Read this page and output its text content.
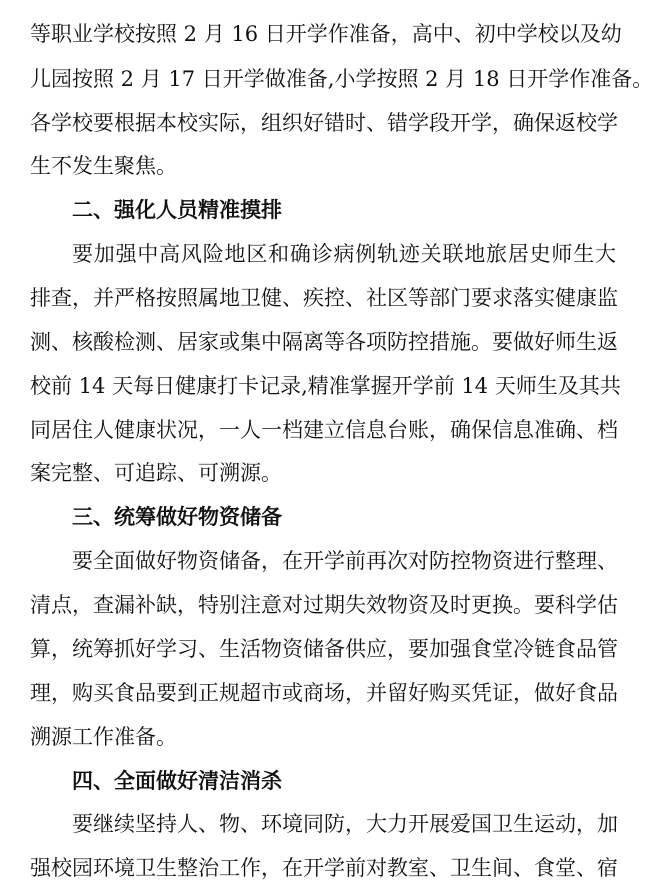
等职业学校按照 2 月 16 日开学作准备，高中、初中学校以及幼
儿园按照 2 月 17 日开学做准备,小学按照 2 月 18 日开学作准备。
各学校要根据本校实际，组织好错时、错学段开学，确保返校学
生不发生聚焦。
二、强化人员精准摸排
要加强中高风险地区和确诊病例轨迹关联地旅居史师生大
排查，并严格按照属地卫健、疾控、社区等部门要求落实健康监
测、核酸检测、居家或集中隔离等各项防控措施。要做好师生返
校前 14 天每日健康打卡记录,精准掌握开学前 14 天师生及其共
同居住人健康状况，一人一档建立信息台账，确保信息准确、档
案完整、可追踪、可溯源。
三、统筹做好物资储备
要全面做好物资储备，在开学前再次对防控物资进行整理、
清点，查漏补缺，特别注意对过期失效物资及时更换。要科学估
算，统筹抓好学习、生活物资储备供应，要加强食堂冷链食品管
理，购买食品要到正规超市或商场，并留好购买凭证，做好食品
溯源工作准备。
四、全面做好清洁消杀
要继续坚持人、物、环境同防，大力开展爱国卫生运动，加
强校园环境卫生整治工作，在开学前对教室、卫生间、食堂、宿
